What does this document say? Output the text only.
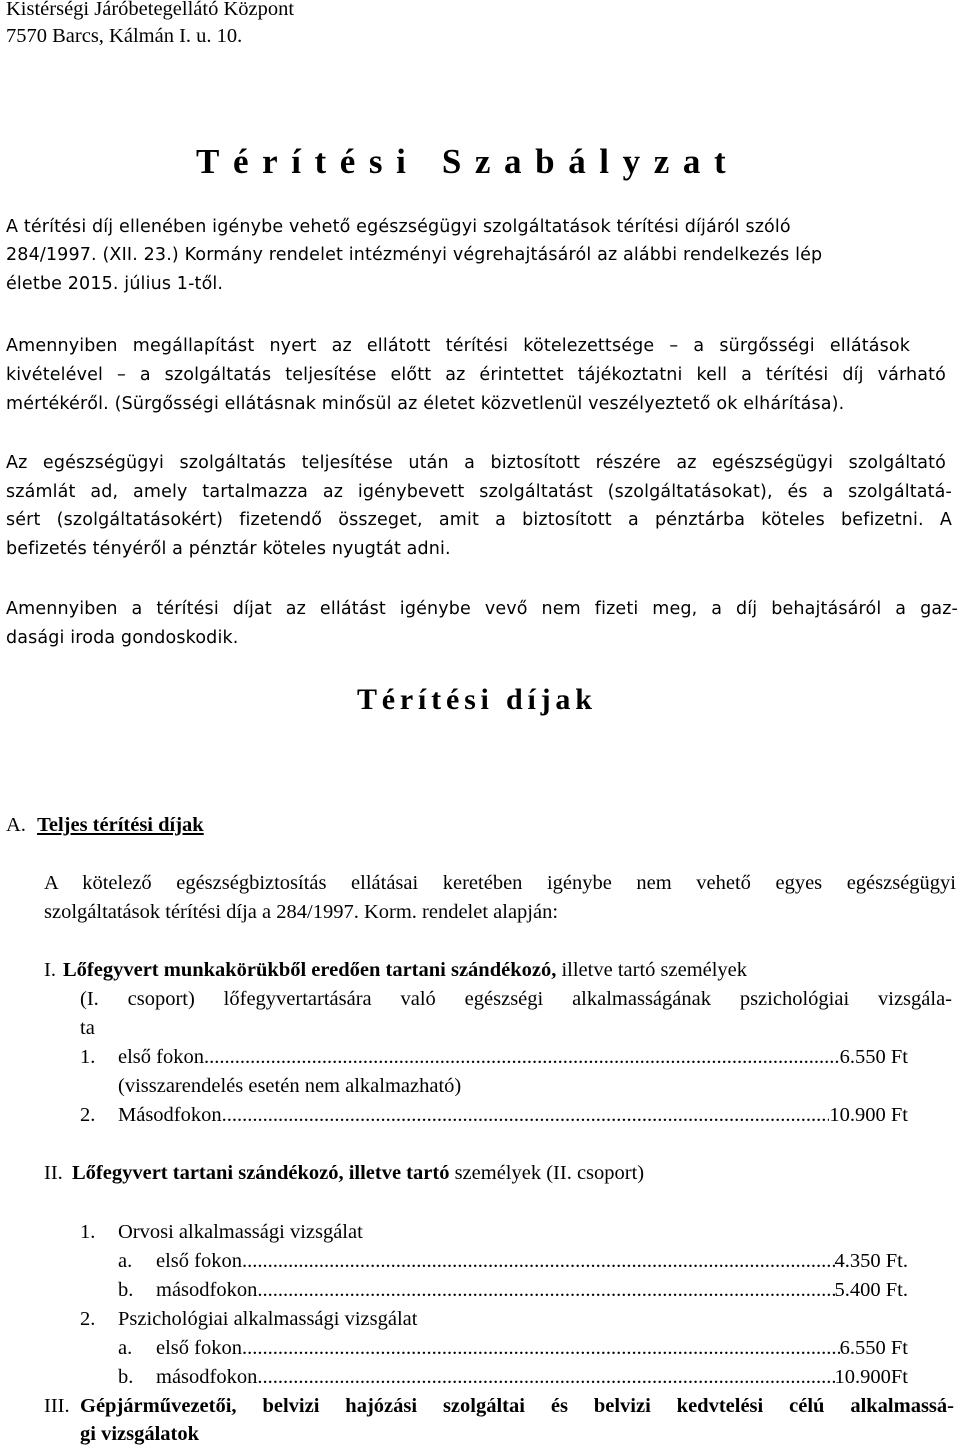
Kistérségi Járóbetegellátó Központ
7570 Barcs, Kálmán I. u. 10.
Térítési Szabályzat
A térítési díj ellenében igénybe vehető egészségügyi szolgáltatások térítési díjáról szóló
284/1997. (XII. 23.) Kormány rendelet intézményi végrehajtásáról az alábbi rendelkezés lép
életbe 2015. július 1-től.
Amennyiben megállapítást nyert az ellátott térítési kötelezettsége – a sürgősségi ellátások
kivételével – a szolgáltatás teljesítése előtt az érintettet tájékoztatni kell a térítési díj várható
mértékéről. (Sürgősségi ellátásnak minősül az életet közvetlenül veszélyeztető ok elhárítása).
Az egészségügyi szolgáltatás teljesítése után a biztosított részére az egészségügyi szolgáltató
számlát ad, amely tartalmazza az igénybevett szolgáltatást (szolgáltatásokat), és a szolgáltatá-
sért (szolgáltatásokért) fizetendő összeget, amit a biztosított a pénztárba köteles befizetni. A
befizetés tényéről a pénztár köteles nyugtát adni.
Amennyiben a térítési díjat az ellátást igénybe vevő nem fizeti meg, a díj behajtásáról a gaz-
dasági iroda gondoskodik.
Térítési díjak
A. Teljes térítési díjak
A kötelező egészségbiztosítás ellátásai keretében igénybe nem vehető egyes egészségügyi
szolgáltatások térítési díja a 284/1997. Korm. rendelet alapján:
I. Lőfegyvert munkakörükből eredően tartani szándékozó, illetve tartó személyek
(I. csoport) lőfegyvertartására való egészségi alkalmasságának pszichológiai vizsgála-
ta
1. első fokon .....	6.550 Ft
(visszarendelés esetén nem alkalmazható)
2. Másodfokon .....	10.900 Ft
II. Lőfegyvert tartani szándékozó, illetve tartó személyek (II. csoport)
1. Orvosi alkalmassági vizsgálat
a. első fokon .....	4.350 Ft.
b. másodfokon .....	5.400 Ft.
2. Pszichológiai alkalmassági vizsgálat
a. első fokon .....	6.550 Ft
b. másodfokon .....	10.900Ft
III. Gépjárművezetői, belvizi hajózási szolgáltai és belvizi kedvtelési célú alkalmassá-
gi vizsgálatok
